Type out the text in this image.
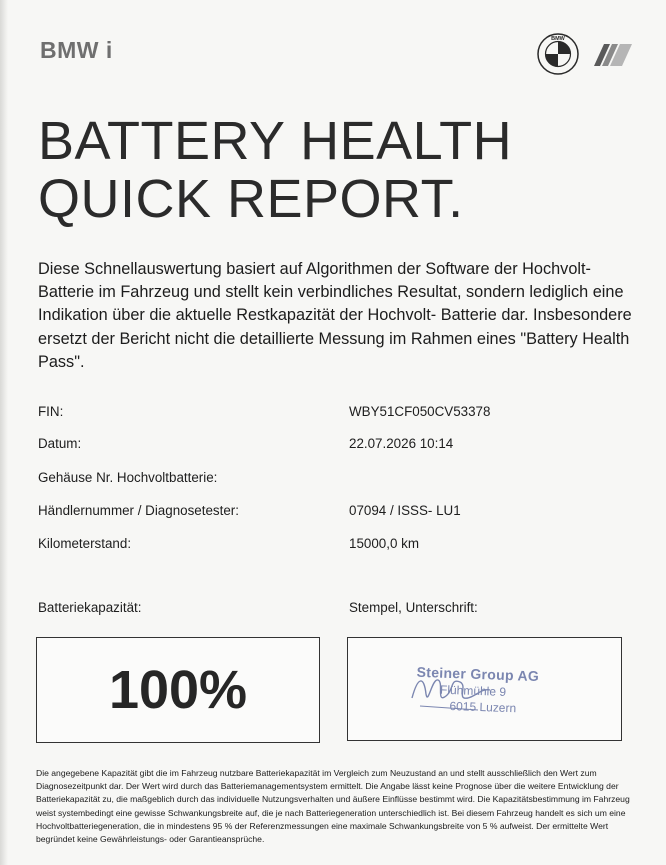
BMW i	BMW
BATTERY HEALTH
QUICK REPORT.

Diese Schnellauswertung basiert auf Algorithmen der Software der Hochvolt- Batterie im Fahrzeug und stellt kein verbindliches Resultat, sondern lediglich eine Indikation über die aktuelle Restkapazität der Hochvolt- Batterie dar. Insbesondere ersetzt der Bericht nicht die detaillierte Messung im Rahmen eines "Battery Health Pass".

FIN:	WBY51CF050CV53378
Datum:	22.07.2026 10:14
Gehäuse Nr. Hochvoltbatterie:
Händlernummer / Diagnosetester:	07094 / ISSS- LU1
Kilometerstand:	15000,0 km
Batteriekapazität:	Stempel, Unterschrift:
100%	Steiner Group AG
Flühmühle 9
6015 Luzern

Die angegebene Kapazität gibt die im Fahrzeug nutzbare Batteriekapazität im Vergleich zum Neuzustand an und stellt ausschließlich den Wert zum Diagnosezeitpunkt dar. Der Wert wird durch das Batteriemanagementsystem ermittelt. Die Angabe lässt keine Prognose über die weitere Entwicklung der Batteriekapazität zu, die maßgeblich durch das individuelle Nutzungsverhalten und äußere Einflüsse bestimmt wird. Die Kapazitätsbestimmung im Fahrzeug weist systembedingt eine gewisse Schwankungsbreite auf, die je nach Batteriegeneration unterschiedlich ist. Bei diesem Fahrzeug handelt es sich um eine Hochvoltbatteriegeneration, die in mindestens 95 % der Referenzmessungen eine maximale Schwankungsbreite von 5 % aufweist. Der ermittelte Wert begründet keine Gewährleistungs- oder Garantieansprüche.
